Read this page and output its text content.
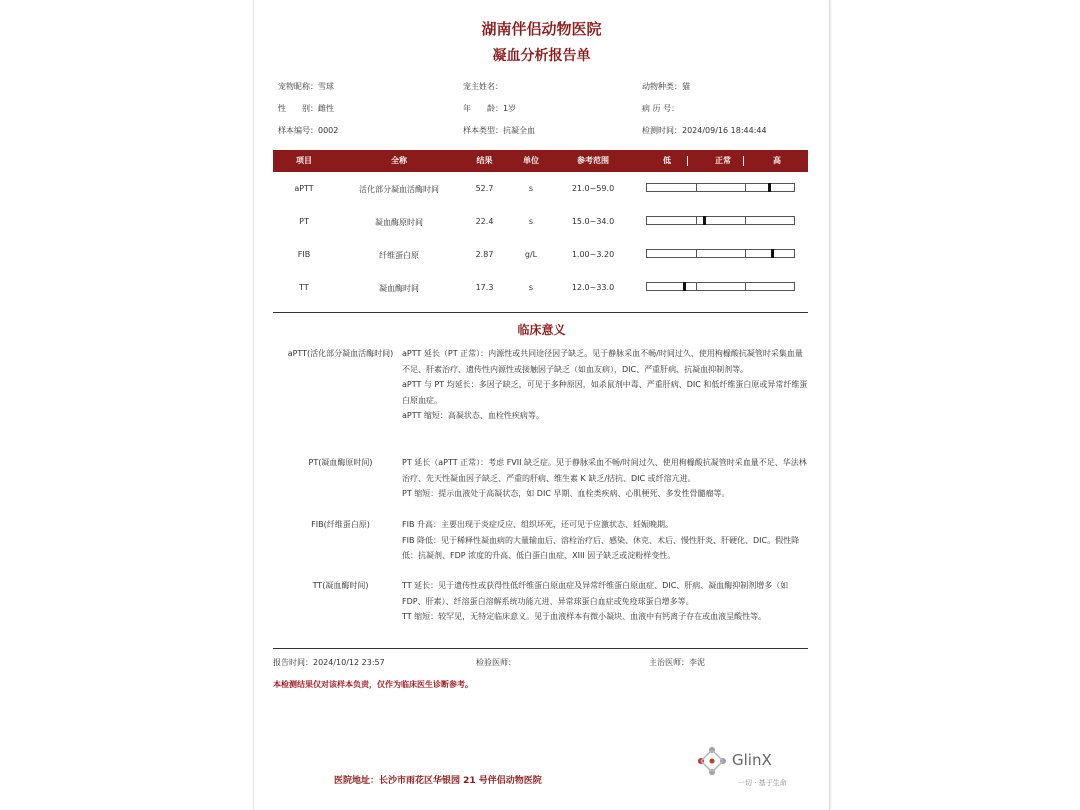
湖南伴侣动物医院
凝血分析报告单
宠物昵称：雪球	宠主姓名：	动物种类：猫
性　　别：雌性	年　　龄：1岁	病 历 号：
样本编号：0002	样本类型：抗凝全血	检测时间：2024/09/16 18:44:44
项目	全称	结果	单位	参考范围	低	正常	高
aPTT	活化部分凝血活酶时间	52.7	s	21.0~59.0
PT	凝血酶原时间	22.4	s	15.0~34.0
FIB	纤维蛋白原	2.87	g/L	1.00~3.20
TT	凝血酶时间	17.3	s	12.0~33.0
临床意义
aPTT(活化部分凝血活酶时间)	aPTT 延长（PT 正常）：内源性或共同途径因子缺乏。见于静脉采血不畅/时间过久、使用枸橼酸抗凝管时采集血量不足、肝素治疗、遗传性内源性或接触因子缺乏（如血友病），DIC、严重肝病、抗凝血抑制剂等。

aPTT 与 PT 均延长：多因子缺乏，可见于多种原因，如杀鼠剂中毒、严重肝病、DIC 和低纤维蛋白原或异常纤维蛋白原血症。

aPTT 缩短：高凝状态、血栓性疾病等。

PT(凝血酶原时间)	PT 延长（aPTT 正常）：考虑 FVII 缺乏症。见于静脉采血不畅/时间过久、使用枸橼酸抗凝管时采血量不足、华法林治疗、先天性凝血因子缺乏、严重的肝病、维生素 K 缺乏/拮抗、DIC 或纤溶亢进。

PT 缩短：提示血液处于高凝状态，如 DIC 早期、血栓类疾病、心肌梗死、多发性骨髓瘤等。

FIB(纤维蛋白原)	FIB 升高：主要出现于炎症反应、组织坏死，还可见于应激状态、妊娠晚期。

FIB 降低：见于稀释性凝血病的大量输血后、溶栓治疗后、感染、休克、术后、慢性肝炎、肝硬化、DIC。假性降低：抗凝剂、FDP 浓度的升高、低白蛋白血症、XIII 因子缺乏或淀粉样变性。

TT(凝血酶时间)	TT 延长：见于遗传性或获得性低纤维蛋白原血症及异常纤维蛋白原血症、DIC、肝病、凝血酶抑制剂增多（如 FDP、肝素）、纤溶蛋白溶解系统功能亢进、异常球蛋白血症或免疫球蛋白增多等。

TT 缩短：较罕见，无特定临床意义。见于血液样本有微小凝块、血液中有钙离子存在或血液呈酸性等。

报告时间：2024/10/12 23:57	检验医师：	主治医师：李泥
本检测结果仅对该样本负责，仅作为临床医生诊断参考。
医院地址：长沙市雨花区华银园 21 号伴侣动物医院
GlinX
一切 · 基于生命
